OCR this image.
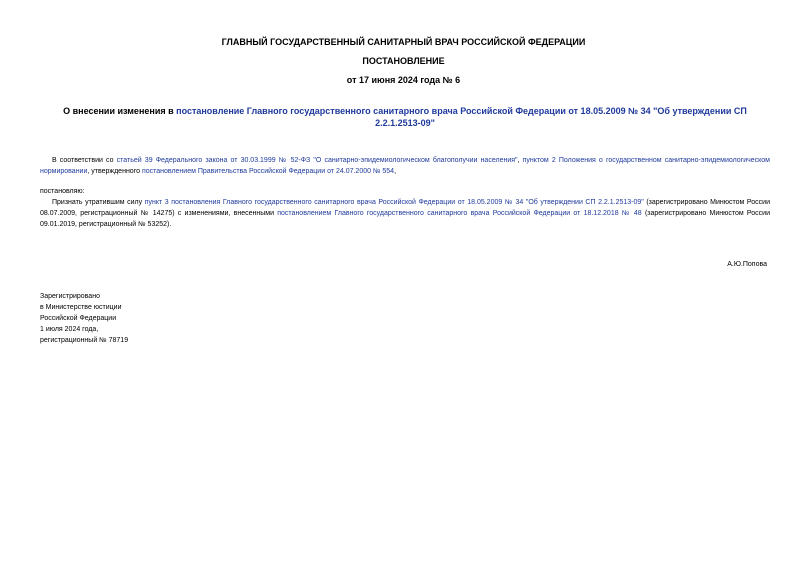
ГЛАВНЫЙ ГОСУДАРСТВЕННЫЙ САНИТАРНЫЙ ВРАЧ РОССИЙСКОЙ ФЕДЕРАЦИИ
ПОСТАНОВЛЕНИЕ
от 17 июня 2024 года № 6
О внесении изменения в постановление Главного государственного санитарного врача Российской Федерации от 18.05.2009 № 34 "Об утверждении СП 2.2.1.2513-09"
В соответствии со статьей 39 Федерального закона от 30.03.1999 № 52-ФЗ "О санитарно-эпидемиологическом благополучии населения", пунктом 2 Положения о государственном санитарно-эпидемиологическом нормировании, утвержденного постановлением Правительства Российской Федерации от 24.07.2000 № 554,
постановляю:
Признать утратившим силу пункт 3 постановления Главного государственного санитарного врача Российской Федерации от 18.05.2009 № 34 "Об утверждении СП 2.2.1.2513-09" (зарегистрировано Минюстом России 08.07.2009, регистрационный № 14275) с изменениями, внесенными постановлением Главного государственного санитарного врача Российской Федерации от 18.12.2018 № 48 (зарегистрировано Минюстом России 09.01.2019, регистрационный № 53252).
А.Ю.Попова
Зарегистрировано
в Министерстве юстиции
Российской Федерации
1 июля 2024 года,
регистрационный № 78719
